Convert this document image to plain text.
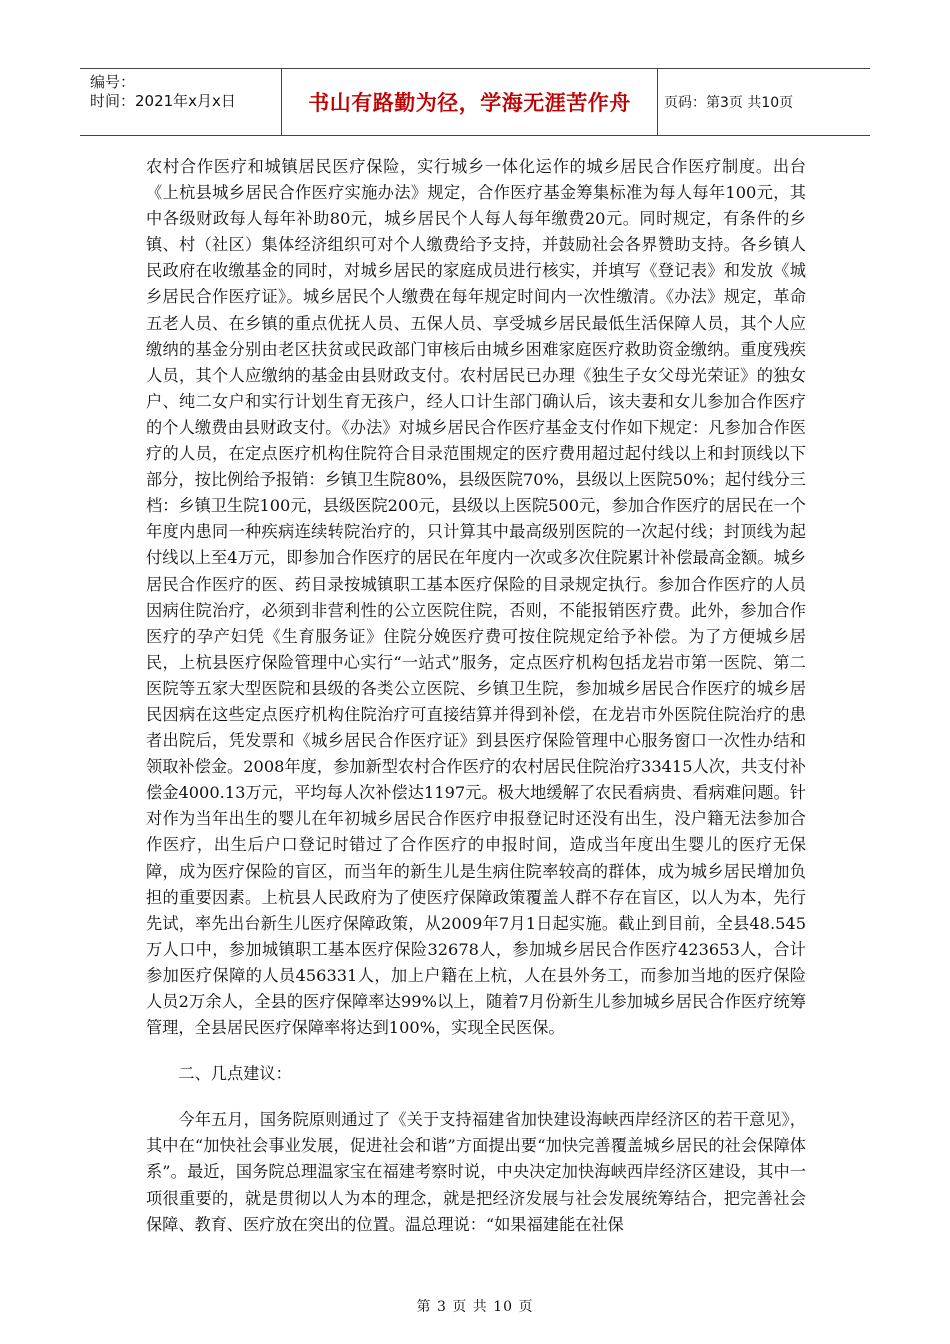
编号：
时间：2021年x月x日	书山有路勤为径，学海无涯苦作舟	页码：第3页 共10页

农村合作医疗和城镇居民医疗保险，实行城乡一体化运作的城乡居民合作医疗制度。出台《上杭县城乡居民合作医疗实施办法》规定，合作医疗基金筹集标准为每人每年100元，其中各级财政每人每年补助80元，城乡居民个人每人每年缴费20元。同时规定，有条件的乡镇、村（社区）集体经济组织可对个人缴费给予支持，并鼓励社会各界赞助支持。各乡镇人民政府在收缴基金的同时，对城乡居民的家庭成员进行核实，并填写《登记表》和发放《城乡居民合作医疗证》。城乡居民个人缴费在每年规定时间内一次性缴清。《办法》规定，革命五老人员、在乡镇的重点优抚人员、五保人员、享受城乡居民最低生活保障人员，其个人应缴纳的基金分别由老区扶贫或民政部门审核后由城乡困难家庭医疗救助资金缴纳。重度残疾人员，其个人应缴纳的基金由县财政支付。农村居民已办理《独生子女父母光荣证》的独女户、纯二女户和实行计划生育无孩户，经人口计生部门确认后，该夫妻和女儿参加合作医疗的个人缴费由县财政支付。《办法》对城乡居民合作医疗基金支付作如下规定：凡参加合作医疗的人员，在定点医疗机构住院符合目录范围规定的医疗费用超过起付线以上和封顶线以下部分，按比例给予报销：乡镇卫生院80%，县级医院70%，县级以上医院50%；起付线分三档：乡镇卫生院100元，县级医院200元，县级以上医院500元，参加合作医疗的居民在一个年度内患同一种疾病连续转院治疗的，只计算其中最高级别医院的一次起付线；封顶线为起付线以上至4万元，即参加合作医疗的居民在年度内一次或多次住院累计补偿最高金额。城乡居民合作医疗的医、药目录按城镇职工基本医疗保险的目录规定执行。参加合作医疗的人员因病住院治疗，必须到非营利性的公立医院住院，否则，不能报销医疗费。此外，参加合作医疗的孕产妇凭《生育服务证》住院分娩医疗费可按住院规定给予补偿。为了方便城乡居民，上杭县医疗保险管理中心实行“一站式”服务，定点医疗机构包括龙岩市第一医院、第二医院等五家大型医院和县级的各类公立医院、乡镇卫生院，参加城乡居民合作医疗的城乡居民因病在这些定点医疗机构住院治疗可直接结算并得到补偿，在龙岩市外医院住院治疗的患者出院后，凭发票和《城乡居民合作医疗证》到县医疗保险管理中心服务窗口一次性办结和领取补偿金。2008年度，参加新型农村合作医疗的农村居民住院治疗33415人次，共支付补偿金4000.13万元，平均每人次补偿达1197元。极大地缓解了农民看病贵、看病难问题。针对作为当年出生的婴儿在年初城乡居民合作医疗申报登记时还没有出生，没户籍无法参加合作医疗，出生后户口登记时错过了合作医疗的申报时间，造成当年度出生婴儿的医疗无保障，成为医疗保险的盲区，而当年的新生儿是生病住院率较高的群体，成为城乡居民增加负担的重要因素。上杭县人民政府为了使医疗保障政策覆盖人群不存在盲区，以人为本，先行先试，率先出台新生儿医疗保障政策，从2009年7月1日起实施。截止到目前，全县48.545万人口中，参加城镇职工基本医疗保险32678人，参加城乡居民合作医疗423653人，合计参加医疗保障的人员456331人，加上户籍在上杭，人在县外务工，而参加当地的医疗保险人员2万余人，全县的医疗保障率达99%以上，随着7月份新生儿参加城乡居民合作医疗统筹管理，全县居民医疗保障率将达到100%，实现全民医保。

二、几点建议：

今年五月，国务院原则通过了《关于支持福建省加快建设海峡西岸经济区的若干意见》，其中在“加快社会事业发展，促进社会和谐”方面提出要“加快完善覆盖城乡居民的社会保障体系”。最近，国务院总理温家宝在福建考察时说，中央决定加快海峡西岸经济区建设，其中一项很重要的，就是贯彻以人为本的理念，就是把经济发展与社会发展统筹结合，把完善社会保障、教育、医疗放在突出的位置。温总理说：“如果福建能在社保

第 3 页 共 10 页
